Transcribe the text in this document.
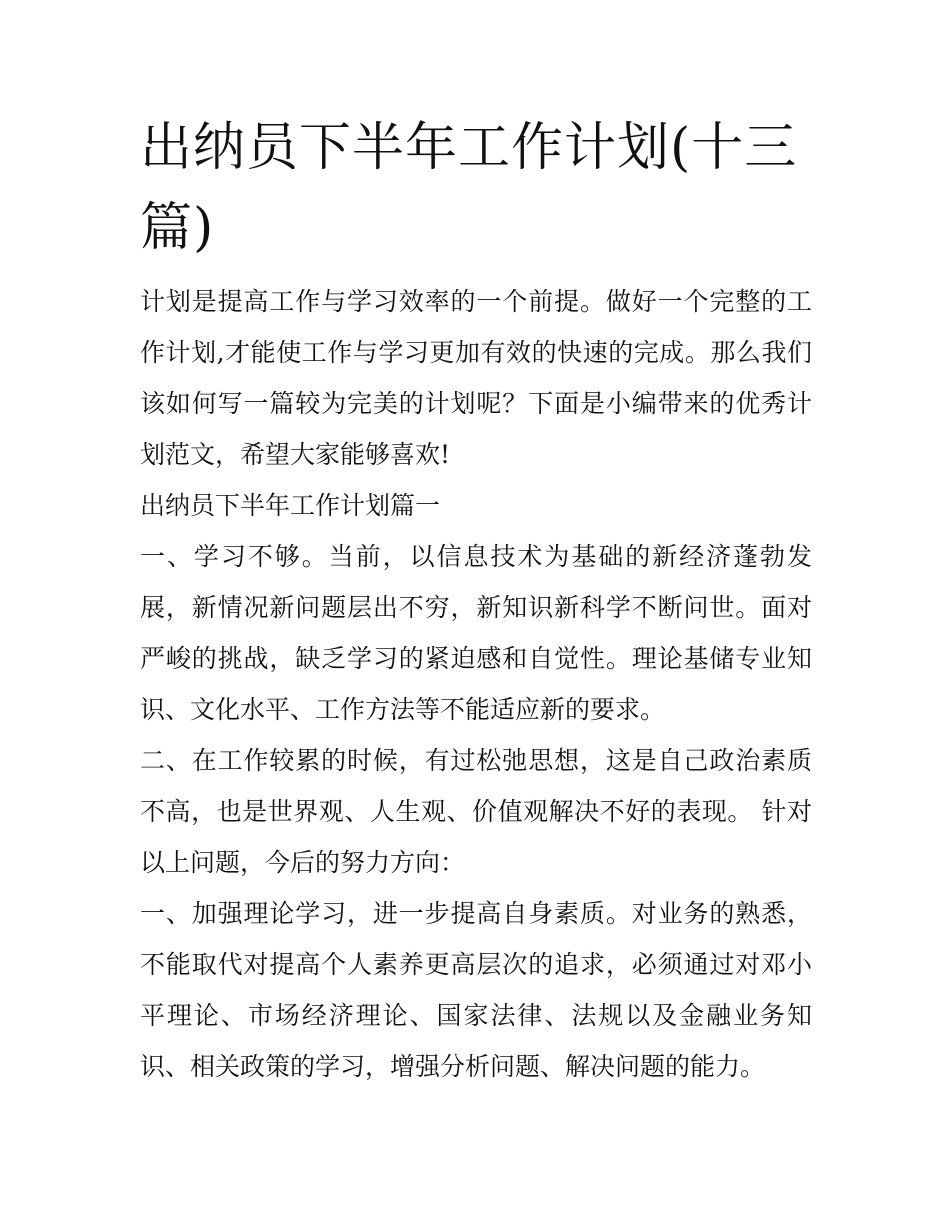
出纳员下半年工作计划(十三篇)

计划是提高工作与学习效率的一个前提。做好一个完整的工作计划,才能使工作与学习更加有效的快速的完成。那么我们该如何写一篇较为完美的计划呢？下面是小编带来的优秀计划范文，希望大家能够喜欢!

出纳员下半年工作计划篇一

一、学习不够。当前，以信息技术为基础的新经济蓬勃发展，新情况新问题层出不穷，新知识新科学不断问世。面对严峻的挑战，缺乏学习的紧迫感和自觉性。理论基储专业知识、文化水平、工作方法等不能适应新的要求。

二、在工作较累的时候，有过松弛思想，这是自己政治素质不高，也是世界观、人生观、价值观解决不好的表现。 针对以上问题，今后的努力方向：

一、加强理论学习，进一步提高自身素质。对业务的熟悉，不能取代对提高个人素养更高层次的追求，必须通过对邓小平理论、市场经济理论、国家法律、法规以及金融业务知识、相关政策的学习，增强分析问题、解决问题的能力。
